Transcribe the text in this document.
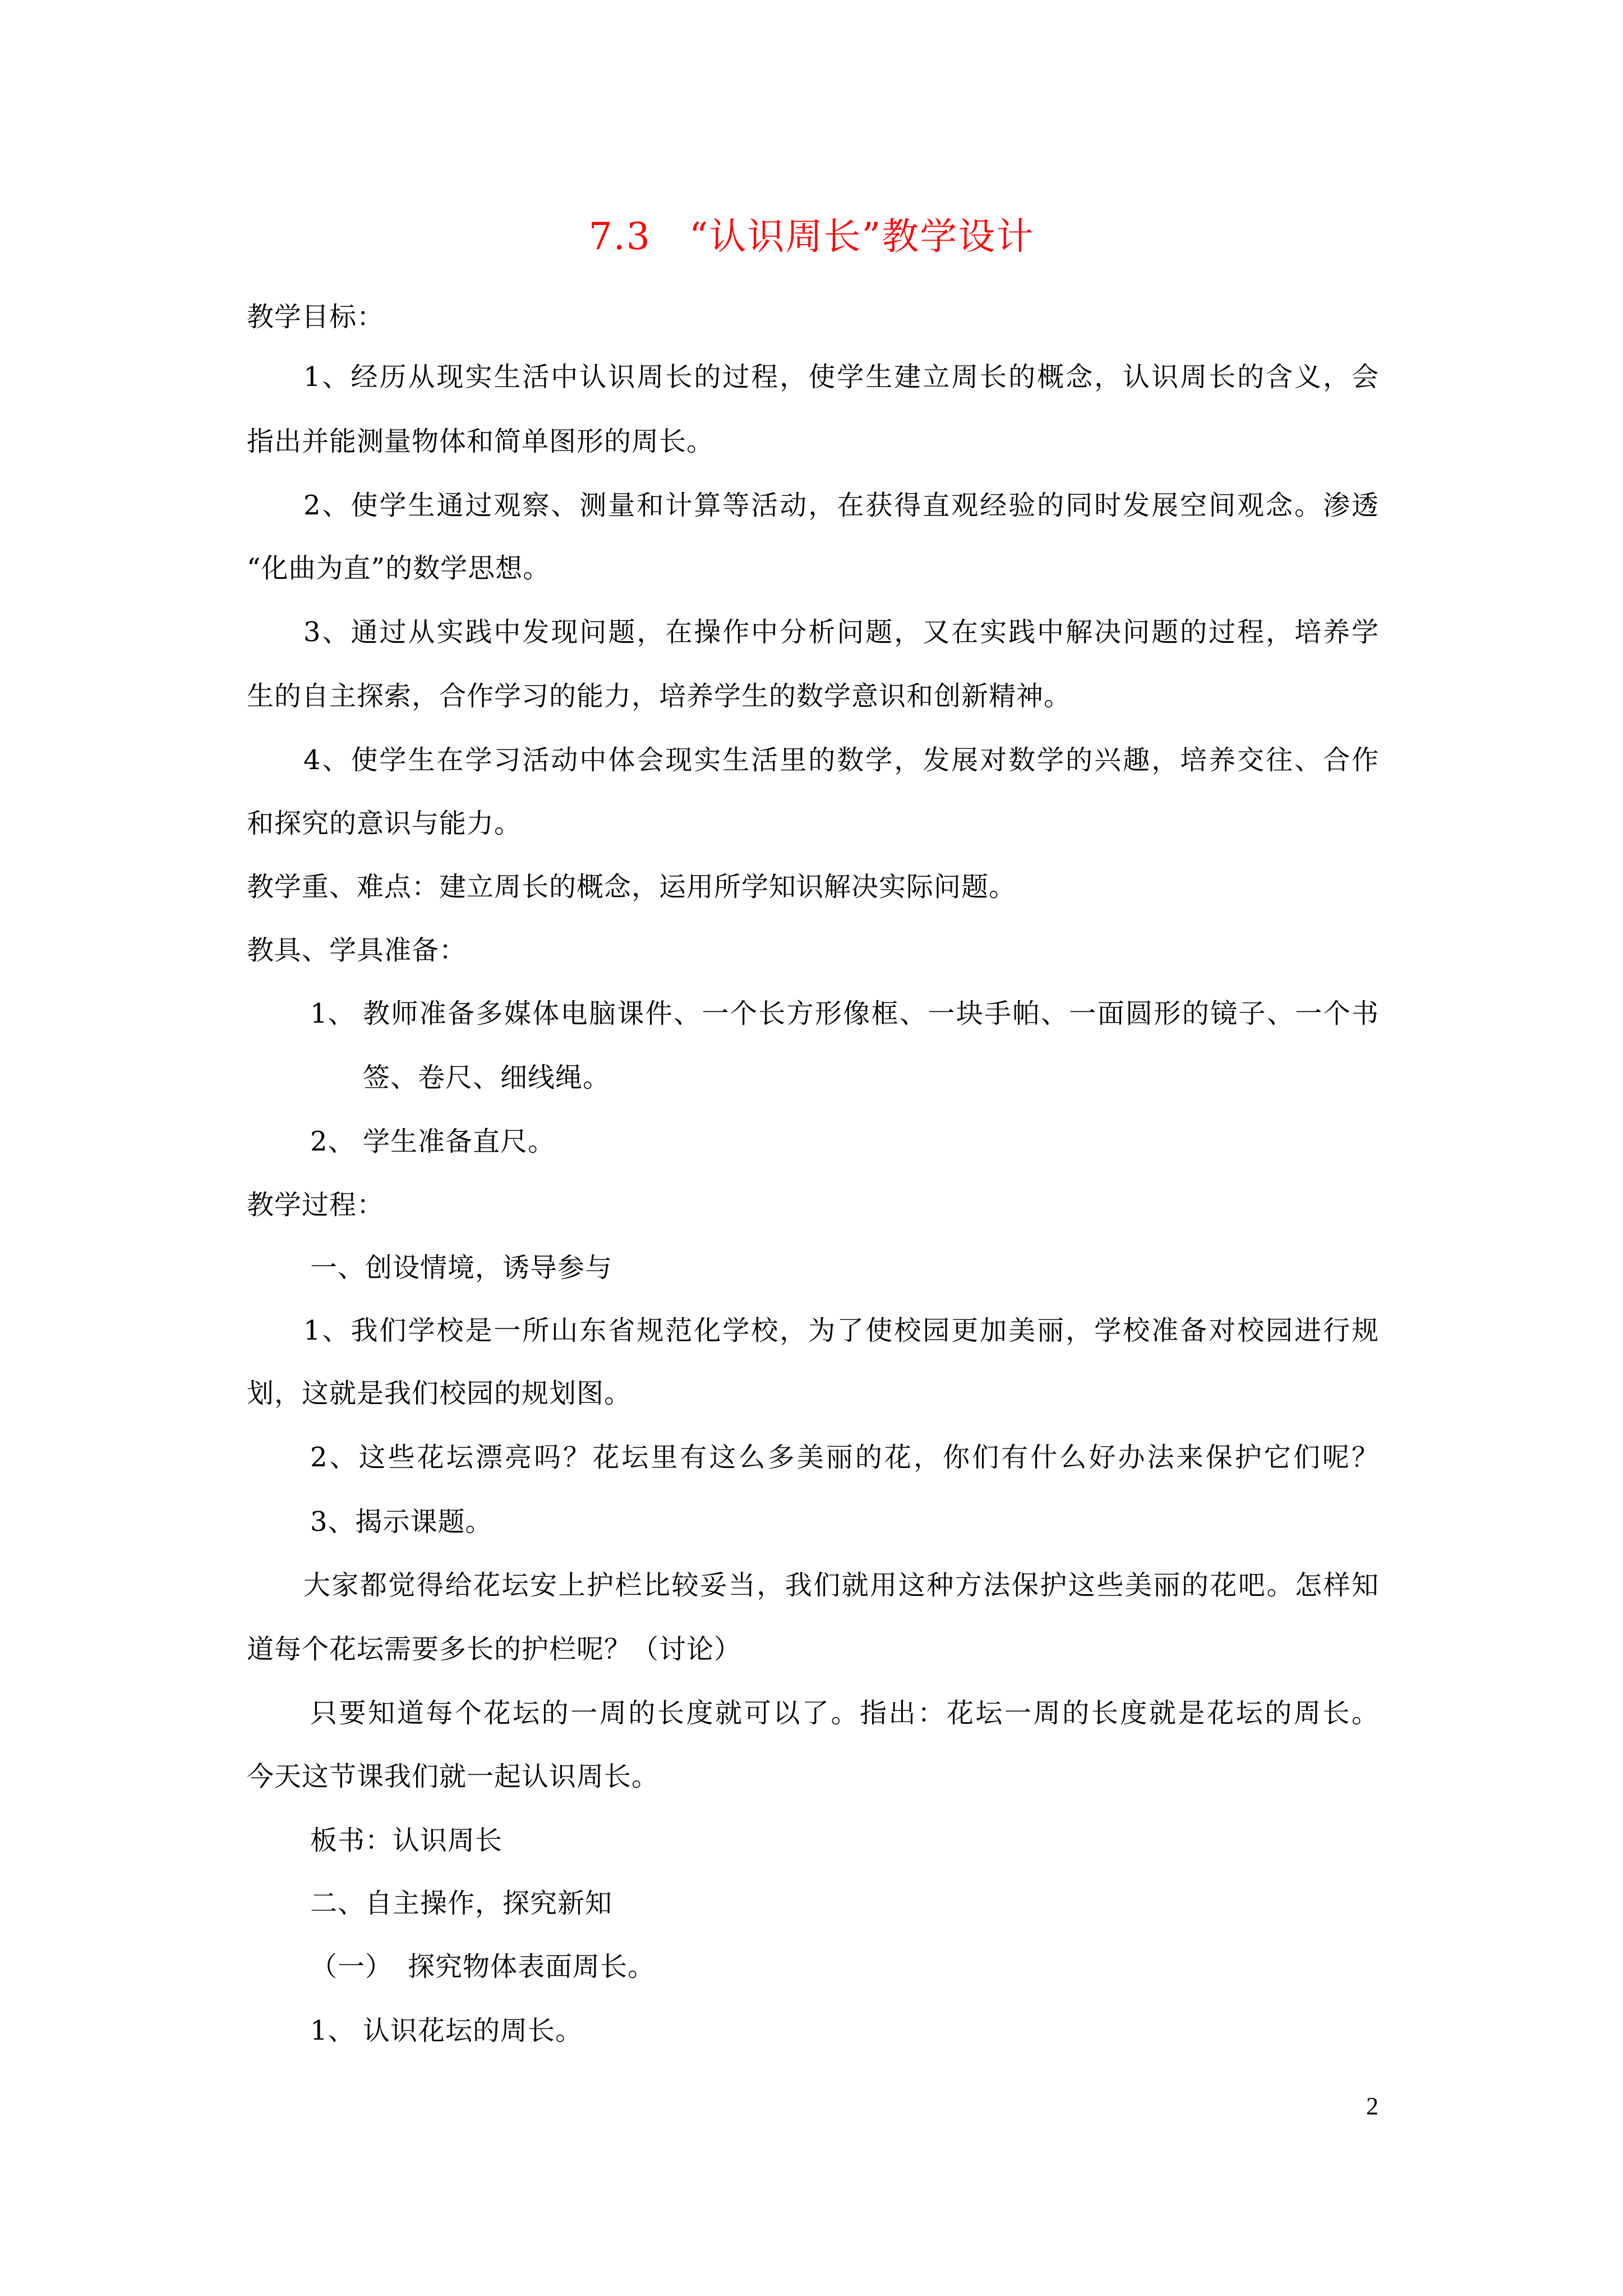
7.3　“认识周长”教学设计
教学目标：
1、经历从现实生活中认识周长的过程，使学生建立周长的概念，认识周长的含义，会
指出并能测量物体和简单图形的周长。
2、使学生通过观察、测量和计算等活动，在获得直观经验的同时发展空间观念。渗透
“化曲为直”的数学思想。
3、通过从实践中发现问题，在操作中分析问题，又在实践中解决问题的过程，培养学
生的自主探索，合作学习的能力，培养学生的数学意识和创新精神。
4、使学生在学习活动中体会现实生活里的数学，发展对数学的兴趣，培养交往、合作
和探究的意识与能力。
教学重、难点：建立周长的概念，运用所学知识解决实际问题。
教具、学具准备：
1、 教师准备多媒体电脑课件、一个长方形像框、一块手帕、一面圆形的镜子、一个书
签、卷尺、细线绳。
2、 学生准备直尺。
教学过程：
一、创设情境，诱导参与
1、我们学校是一所山东省规范化学校，为了使校园更加美丽，学校准备对校园进行规
划，这就是我们校园的规划图。
2、这些花坛漂亮吗？花坛里有这么多美丽的花，你们有什么好办法来保护它们呢？
3、揭示课题。
大家都觉得给花坛安上护栏比较妥当，我们就用这种方法保护这些美丽的花吧。怎样知
道每个花坛需要多长的护栏呢？（讨论）
只要知道每个花坛的一周的长度就可以了。指出：花坛一周的长度就是花坛的周长。
今天这节课我们就一起认识周长。
板书：认识周长
二、自主操作，探究新知
（一） 探究物体表面周长。
1、 认识花坛的周长。
2
